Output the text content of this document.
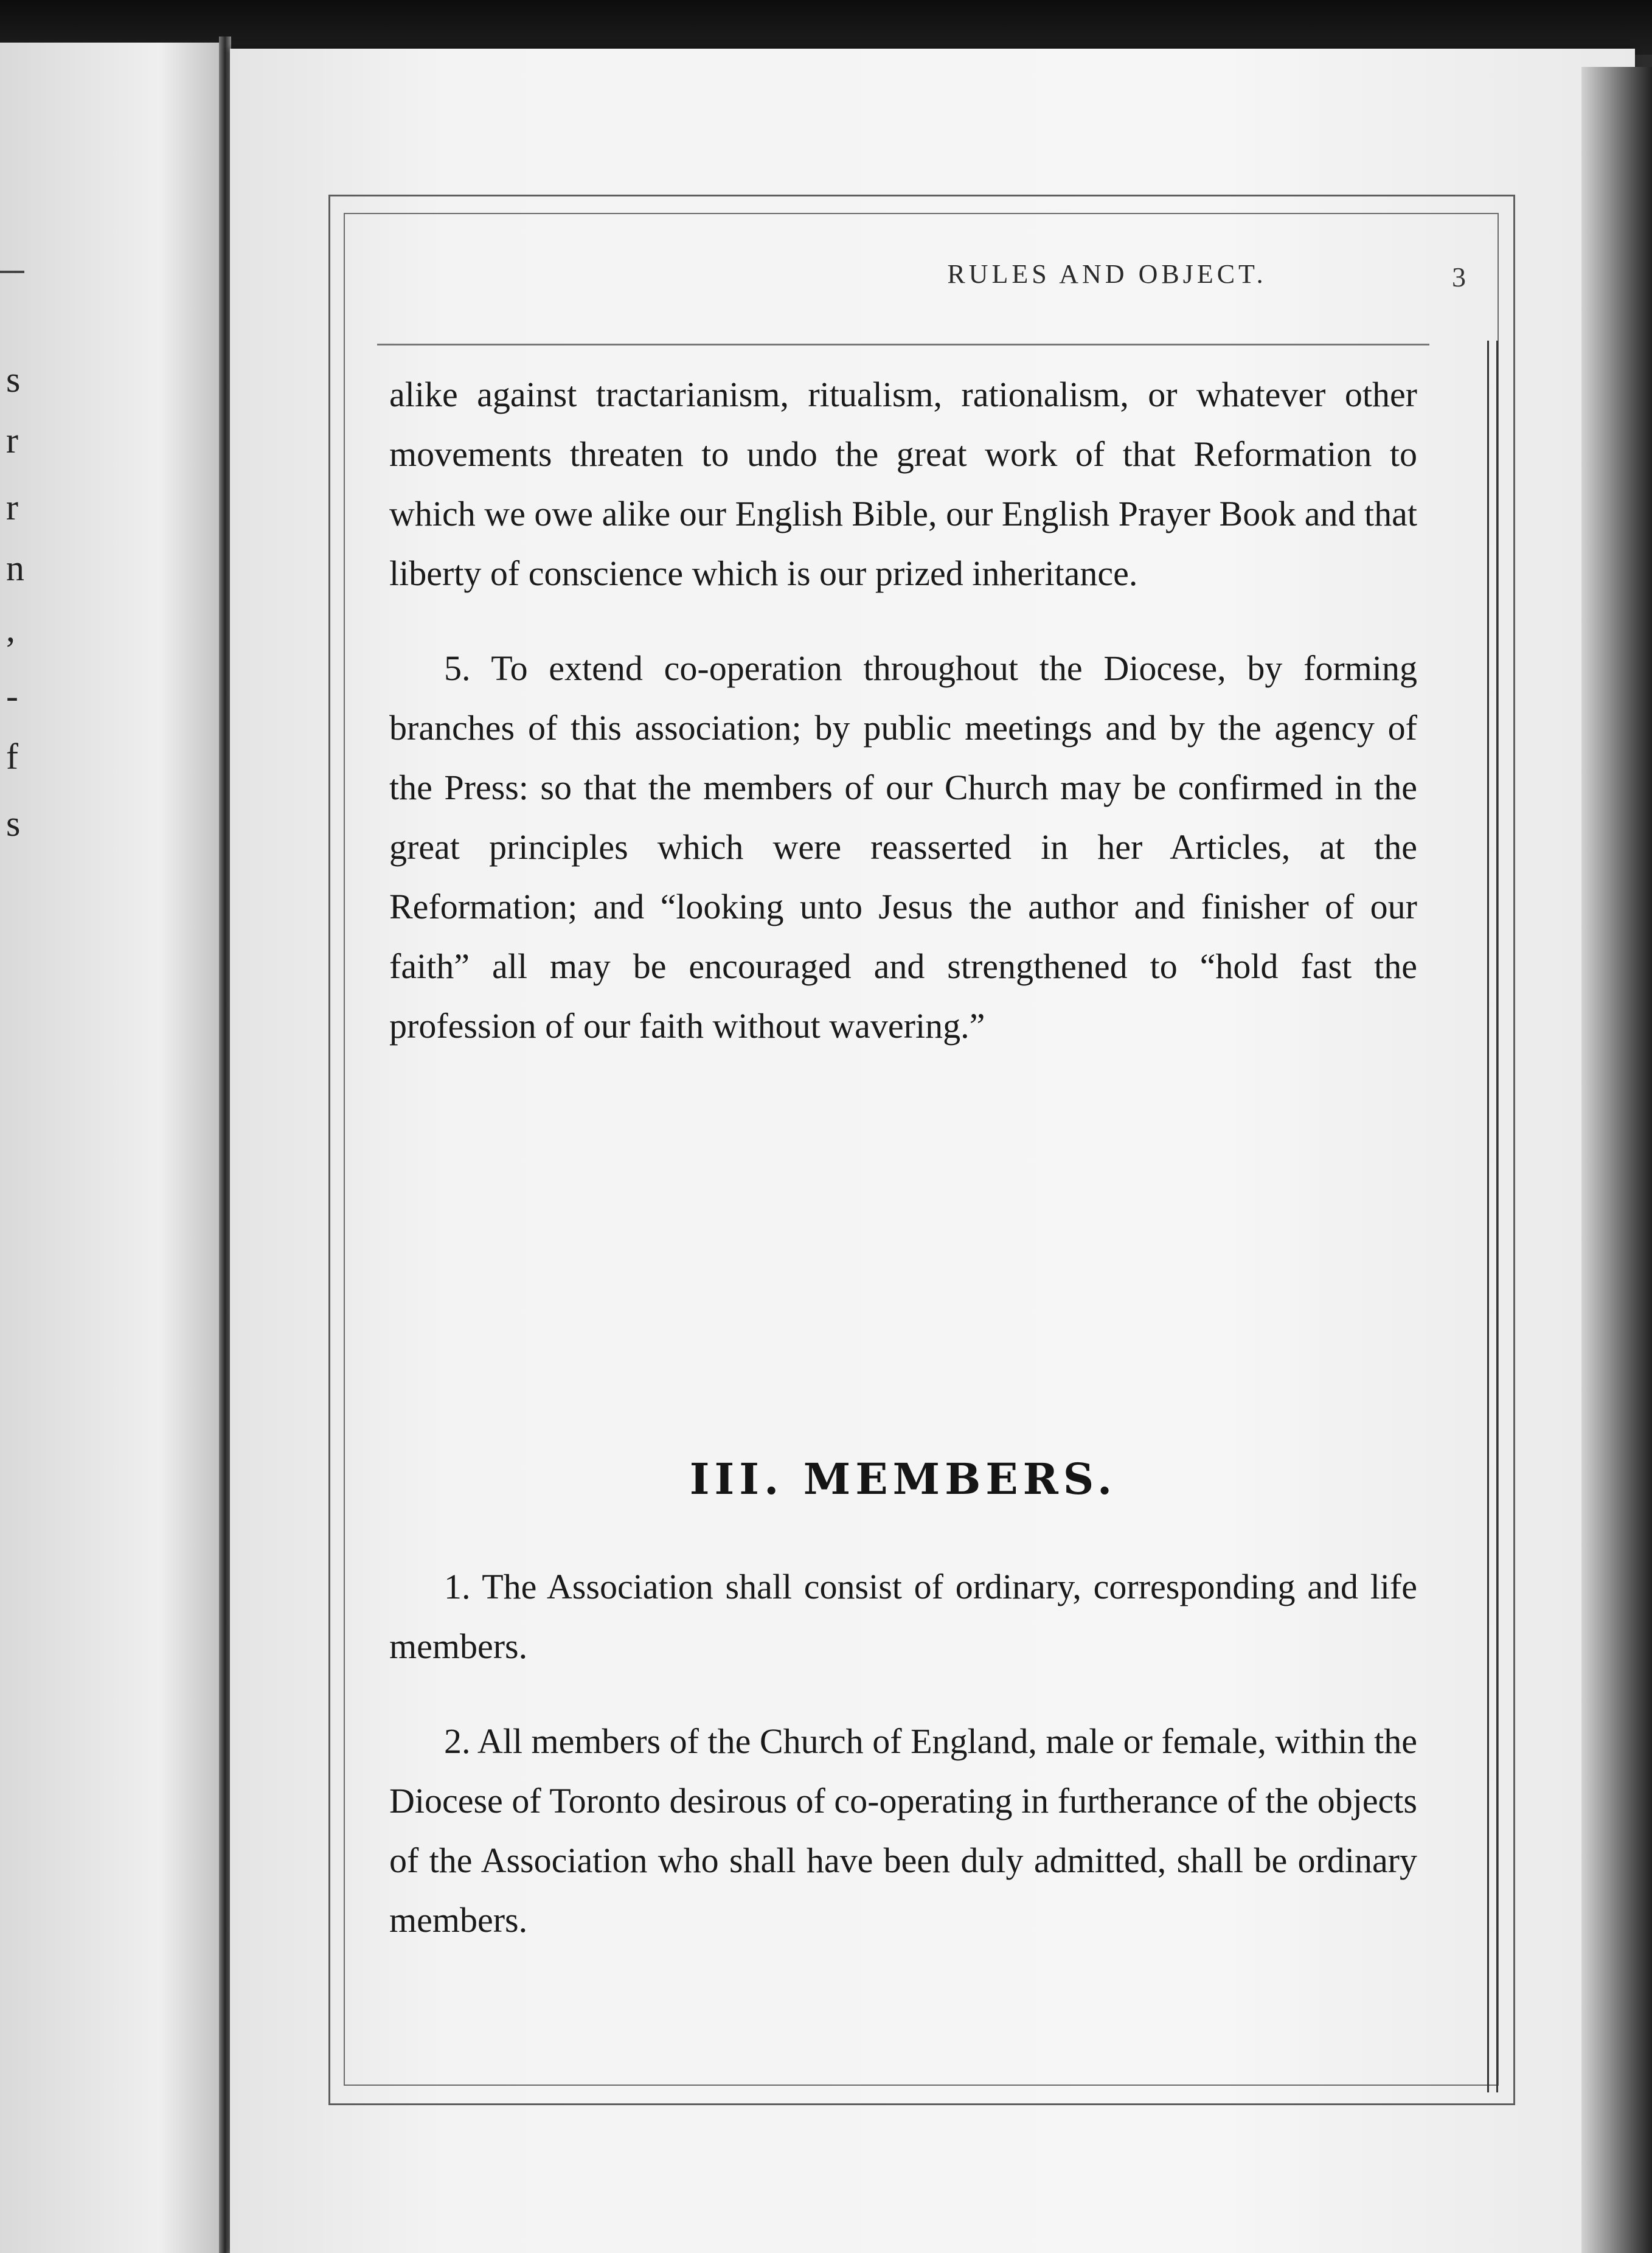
s
r
r
n
,
-
f
s
RULES AND OBJECT.	3

alike against tractarianism, ritualism, rationalism, or whatever other movements threaten to undo the great work of that Reformation to which we owe alike our English Bible, our English Prayer Book and that liberty of conscience which is our prized inheritance.

5. To extend co-operation throughout the Diocese, by forming branches of this association; by public meetings and by the agency of the Press: so that the members of our Church may be confirmed in the great principles which were reasserted in her Articles, at the Reformation; and “looking unto Jesus the author and finisher of our faith” all may be encouraged and strengthened to “hold fast the profession of our faith without wavering.”

III. MEMBERS.

1. The Association shall consist of ordinary, corresponding and life members.

2. All members of the Church of England, male or female, within the Diocese of Toronto desirous of co-operating in furtherance of the objects of the Association who shall have been duly admitted, shall be ordinary members.
